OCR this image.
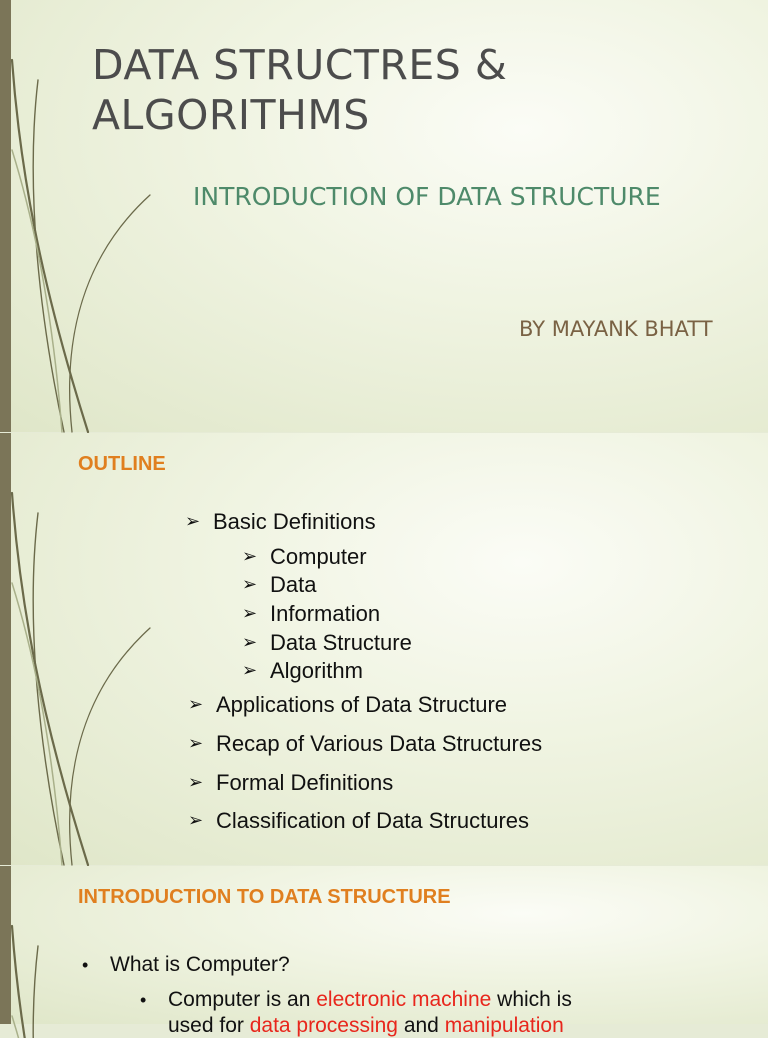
DATA STRUCTRES &
ALGORITHMS
INTRODUCTION OF DATA STRUCTURE
BY MAYANK BHATT
OUTLINE
➢ Basic Definitions
➢ Computer
➢ Data
➢ Information
➢ Data Structure
➢ Algorithm
➢ Applications of Data Structure
➢ Recap of Various Data Structures
➢ Formal Definitions
➢ Classification of Data Structures
INTRODUCTION TO DATA STRUCTURE
• What is Computer?
• Computer is an electronic machine which is
used for data processing and manipulation
